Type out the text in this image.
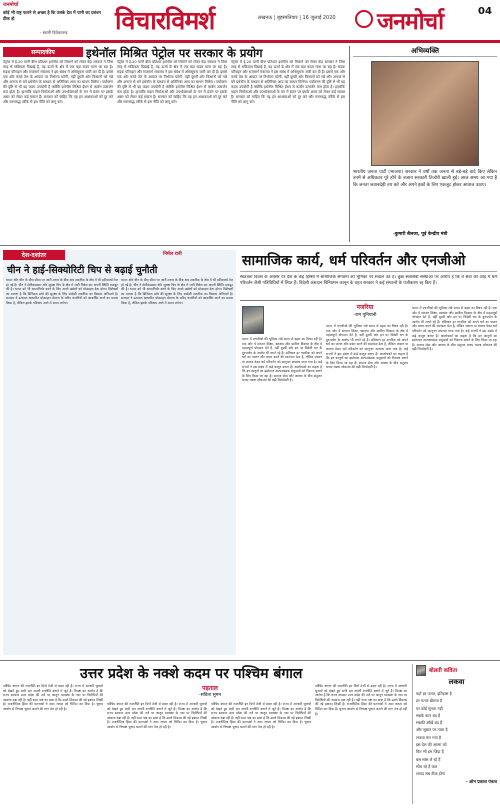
जनमोर्चा
कोई भी राष्ट्र फलने से अच्छा है कि उसके देश में पानी का प्रबंधन ठीक हो
- स्वामी विवेकानन्द विचारविमर्श	लखनऊ | बृहस्पतिवार | 16 जुलाई 2020 जनमोर्चा	04
सम्पादकीय	इथेनॉल मिश्रित पेट्रोल पर सरकार के प्रयोग
पेट्रोल में ई-20 यानी बीस प्रतिशत इथेनॉल को मिलाने को लेकर केंद्र सरकार ने जिस तरह से सक्रियता दिखाई है, वह ऊर्जा के क्षेत्र में एक बड़ा कदम माना जा रहा है। सड़क परिवहन और राजमार्ग मंत्रालय ने इस संबंध में अधिसूचना जारी कर दी है। इससे एक ओर कच्चे तेल के आयात पर निर्भरता घटेगी, वहीं दूसरी ओर किसानों को गन्ने और अनाज से बने इथेनॉल के माध्यम से अतिरिक्त आय का साधन मिलेगा। पर्यावरण की दृष्टि से भी यह कदम उपयोगी है क्योंकि इथेनॉल मिश्रित ईंधन से कार्बन उत्सर्जन कम होता है। हालांकि वाहन निर्माताओं और उपभोक्ताओं के मन में इंजन पर इसके असर को लेकर कई सवाल हैं। सरकार को चाहिए कि वह इन आशंकाओं को दूर करे और चरणबद्ध तरीके से इस नीति को लागू करे।
पेट्रोल में ई-20 यानी बीस प्रतिशत इथेनॉल को मिलाने को लेकर केंद्र सरकार ने जिस तरह से सक्रियता दिखाई है, वह ऊर्जा के क्षेत्र में एक बड़ा कदम माना जा रहा है। सड़क परिवहन और राजमार्ग मंत्रालय ने इस संबंध में अधिसूचना जारी कर दी है। इससे एक ओर कच्चे तेल के आयात पर निर्भरता घटेगी, वहीं दूसरी ओर किसानों को गन्ने और अनाज से बने इथेनॉल के माध्यम से अतिरिक्त आय का साधन मिलेगा। पर्यावरण की दृष्टि से भी यह कदम उपयोगी है क्योंकि इथेनॉल मिश्रित ईंधन से कार्बन उत्सर्जन कम होता है। हालांकि वाहन निर्माताओं और उपभोक्ताओं के मन में इंजन पर इसके असर को लेकर कई सवाल हैं। सरकार को चाहिए कि वह इन आशंकाओं को दूर करे और चरणबद्ध तरीके से इस नीति को लागू करे।
पेट्रोल में ई-20 यानी बीस प्रतिशत इथेनॉल को मिलाने को लेकर केंद्र सरकार ने जिस तरह से सक्रियता दिखाई है, वह ऊर्जा के क्षेत्र में एक बड़ा कदम माना जा रहा है। सड़क परिवहन और राजमार्ग मंत्रालय ने इस संबंध में अधिसूचना जारी कर दी है। इससे एक ओर कच्चे तेल के आयात पर निर्भरता घटेगी, वहीं दूसरी ओर किसानों को गन्ने और अनाज से बने इथेनॉल के माध्यम से अतिरिक्त आय का साधन मिलेगा। पर्यावरण की दृष्टि से भी यह कदम उपयोगी है क्योंकि इथेनॉल मिश्रित ईंधन से कार्बन उत्सर्जन कम होता है। हालांकि वाहन निर्माताओं और उपभोक्ताओं के मन में इंजन पर इसके असर को लेकर कई सवाल हैं। सरकार को चाहिए कि वह इन आशंकाओं को दूर करे और चरणबद्ध तरीके से इस नीति को लागू करे।
अभिव्यक्ति
भारतीय जनता पार्टी (भाजपा) सरकार ने वर्षों तक जनता से बड़े-बड़े वादे किए लेकिन उनमें से अधिकतर पूरे होने के बजाय सरकारी तिजोरी खाली हुई। आज समय आ गया है कि जनता जवाबदेही तय करे और अपने हकों के लिए एकजुट होकर आवाज उठाए।
-कुमारी सैलजा, पूर्व केन्द्रीय मंत्री
देश-दशांतर	निर्मल रानी
चीन ने हाई-सिक्योरिटी चिप से बढ़ाई चुनौती
भारत और चीन के बीच सीमा पर जारी तनाव के बीच अब तकनीक के क्षेत्र में भी प्रतिस्पर्धा तेज हो गई है। चीन ने सेमीकंडक्टर और सुरक्षा चिप के क्षेत्र में भारी निवेश कर अपनी स्थिति मजबूत की है। भारत को भी आत्मनिर्भर बनने के लिए अपने उद्योगों को प्रोत्साहन देना होगा। विशेषज्ञों का मानना है कि डिजिटल ढांचे की सुरक्षा के लिए स्वदेशी तकनीक का विकास अनिवार्य है। सरकार ने उत्पादन आधारित प्रोत्साहन योजना के जरिए कंपनियों को आकर्षित करने का प्रयास किया है, लेकिन इसके परिणाम आने में समय लगेगा।
भारत और चीन के बीच सीमा पर जारी तनाव के बीच अब तकनीक के क्षेत्र में भी प्रतिस्पर्धा तेज हो गई है। चीन ने सेमीकंडक्टर और सुरक्षा चिप के क्षेत्र में भारी निवेश कर अपनी स्थिति मजबूत की है। भारत को भी आत्मनिर्भर बनने के लिए अपने उद्योगों को प्रोत्साहन देना होगा। विशेषज्ञों का मानना है कि डिजिटल ढांचे की सुरक्षा के लिए स्वदेशी तकनीक का विकास अनिवार्य है। सरकार ने उत्पादन आधारित प्रोत्साहन योजना के जरिए कंपनियों को आकर्षित करने का प्रयास किया है, लेकिन इसके परिणाम आने में समय लगेगा।
सामाजिक कार्य, धर्म परिवर्तन और एनजीओ
स्वतंत्रता दिवस के अवसर पर देश के कई हिस्सों में सामाजिक संगठनों की भूमिका पर सवाल उठे हैं। कुछ स्वयंसेवी संस्थाओं पर आरोप है कि वे सेवा की आड़ में धर्म परिवर्तन जैसी गतिविधियों में लिप्त हैं। विदेशी अंशदान विनियमन कानून के तहत सरकार ने कई संगठनों के पंजीकरण रद्द किए हैं।
नजरिया
-राम पुनियानी
भारत में एनजीओ की भूमिका लंबे समय से बहस का विषय रही है। एक ओर ये संगठन शिक्षा, स्वास्थ्य और ग्रामीण विकास के क्षेत्र में महत्वपूर्ण योगदान देते हैं, वहीं दूसरी ओर इन पर विदेशी धन के दुरुपयोग के आरोप भी लगते रहे हैं। संविधान हर नागरिक को अपने धर्म का पालन और प्रचार करने की स्वतंत्रता देता है, लेकिन जबरन या लालच देकर धर्म परिवर्तन को कानूनन अपराध माना गया है। कई राज्यों ने इस संबंध में कड़े कानून बनाए हैं। आलोचकों का कहना है कि इन कानूनों का इस्तेमाल अल्पसंख्यक समुदायों को निशाना बनाने के लिए किया जा रहा है। समाज सेवा और आस्था के बीच संतुलन बनाए रखना लोकतंत्र की बड़ी जिम्मेदारी है।
भारत में एनजीओ की भूमिका लंबे समय से बहस का विषय रही है। एक ओर ये संगठन शिक्षा, स्वास्थ्य और ग्रामीण विकास के क्षेत्र में महत्वपूर्ण योगदान देते हैं, वहीं दूसरी ओर इन पर विदेशी धन के दुरुपयोग के आरोप भी लगते रहे हैं। संविधान हर नागरिक को अपने धर्म का पालन और प्रचार करने की स्वतंत्रता देता है, लेकिन जबरन या लालच देकर धर्म परिवर्तन को कानूनन अपराध माना गया है। कई राज्यों ने इस संबंध में कड़े कानून बनाए हैं। आलोचकों का कहना है कि इन कानूनों का इस्तेमाल अल्पसंख्यक समुदायों को निशाना बनाने के लिए किया जा रहा है। समाज सेवा और आस्था के बीच संतुलन बनाए रखना लोकतंत्र की बड़ी जिम्मेदारी है।
भारत में एनजीओ की भूमिका लंबे समय से बहस का विषय रही है। एक ओर ये संगठन शिक्षा, स्वास्थ्य और ग्रामीण विकास के क्षेत्र में महत्वपूर्ण योगदान देते हैं, वहीं दूसरी ओर इन पर विदेशी धन के दुरुपयोग के आरोप भी लगते रहे हैं। संविधान हर नागरिक को अपने धर्म का पालन और प्रचार करने की स्वतंत्रता देता है, लेकिन जबरन या लालच देकर धर्म परिवर्तन को कानूनन अपराध माना गया है। कई राज्यों ने इस संबंध में कड़े कानून बनाए हैं। आलोचकों का कहना है कि इन कानूनों का इस्तेमाल अल्पसंख्यक समुदायों को निशाना बनाने के लिए किया जा रहा है। समाज सेवा और आस्था के बीच संतुलन बनाए रखना लोकतंत्र की बड़ी जिम्मेदारी है।
उत्तर प्रदेश के नक्शे कदम पर पश्चिम बंगाल
पड़ताल
-सविता सुमन
पश्चिम बंगाल की राजनीति इन दिनों तेजी से बदल रही है। राज्य में आगामी चुनावों को देखते हुए सभी दल अपनी रणनीति बनाने में जुटे हैं। विपक्ष का आरोप है कि राज्य सरकार उत्तर प्रदेश की तर्ज पर कानून व्यवस्था के नाम पर विरोधियों की आवाज दबा रही है। वहीं सत्ता पक्ष का दावा है कि उसने विकास की नई इबारत लिखी है। राजनीतिक हिंसा की घटनाओं ने आम जनता को चिंतित कर दिया है। चुनाव आयोग से निष्पक्ष चुनाव कराने की मांग तेज हो रही है।
पश्चिम बंगाल की राजनीति इन दिनों तेजी से बदल रही है। राज्य में आगामी चुनावों को देखते हुए सभी दल अपनी रणनीति बनाने में जुटे हैं। विपक्ष का आरोप है कि राज्य सरकार उत्तर प्रदेश की तर्ज पर कानून व्यवस्था के नाम पर विरोधियों की आवाज दबा रही है। वहीं सत्ता पक्ष का दावा है कि उसने विकास की नई इबारत लिखी है। राजनीतिक हिंसा की घटनाओं ने आम जनता को चिंतित कर दिया है। चुनाव आयोग से निष्पक्ष चुनाव कराने की मांग तेज हो रही है।
पश्चिम बंगाल की राजनीति इन दिनों तेजी से बदल रही है। राज्य में आगामी चुनावों को देखते हुए सभी दल अपनी रणनीति बनाने में जुटे हैं। विपक्ष का आरोप है कि राज्य सरकार उत्तर प्रदेश की तर्ज पर कानून व्यवस्था के नाम पर विरोधियों की आवाज दबा रही है। वहीं सत्ता पक्ष का दावा है कि उसने विकास की नई इबारत लिखी है। राजनीतिक हिंसा की घटनाओं ने आम जनता को चिंतित कर दिया है। चुनाव आयोग से निष्पक्ष चुनाव कराने की मांग तेज हो रही है।
पश्चिम बंगाल की राजनीति इन दिनों तेजी से बदल रही है। राज्य में आगामी चुनावों को देखते हुए सभी दल अपनी रणनीति बनाने में जुटे हैं। विपक्ष का आरोप है कि राज्य सरकार उत्तर प्रदेश की तर्ज पर कानून व्यवस्था के नाम पर विरोधियों की आवाज दबा रही है। वहीं सत्ता पक्ष का दावा है कि उसने विकास की नई इबारत लिखी है। राजनीतिक हिंसा की घटनाओं ने आम जनता को चिंतित कर दिया है। चुनाव आयोग से निष्पक्ष चुनाव कराने की मांग तेज हो रही है।
बोलती कविता
लकवा
यहाँ हर पत्थर, इतिहास है
हर पत्थर बोलता है
पर कोई सुनता नहीं
सबके कान बंद हैं
सबकी आँखें बंद हैं
और जुबान पर ताला है
लकवा मार गया है
इस देश की आत्मा को
फिर भी हम जिंदा हैं
बस सांस ले रहे हैं
सोच रहे हैं कल
शायद सब ठीक होगा
- ओम प्रकाश पंकज
